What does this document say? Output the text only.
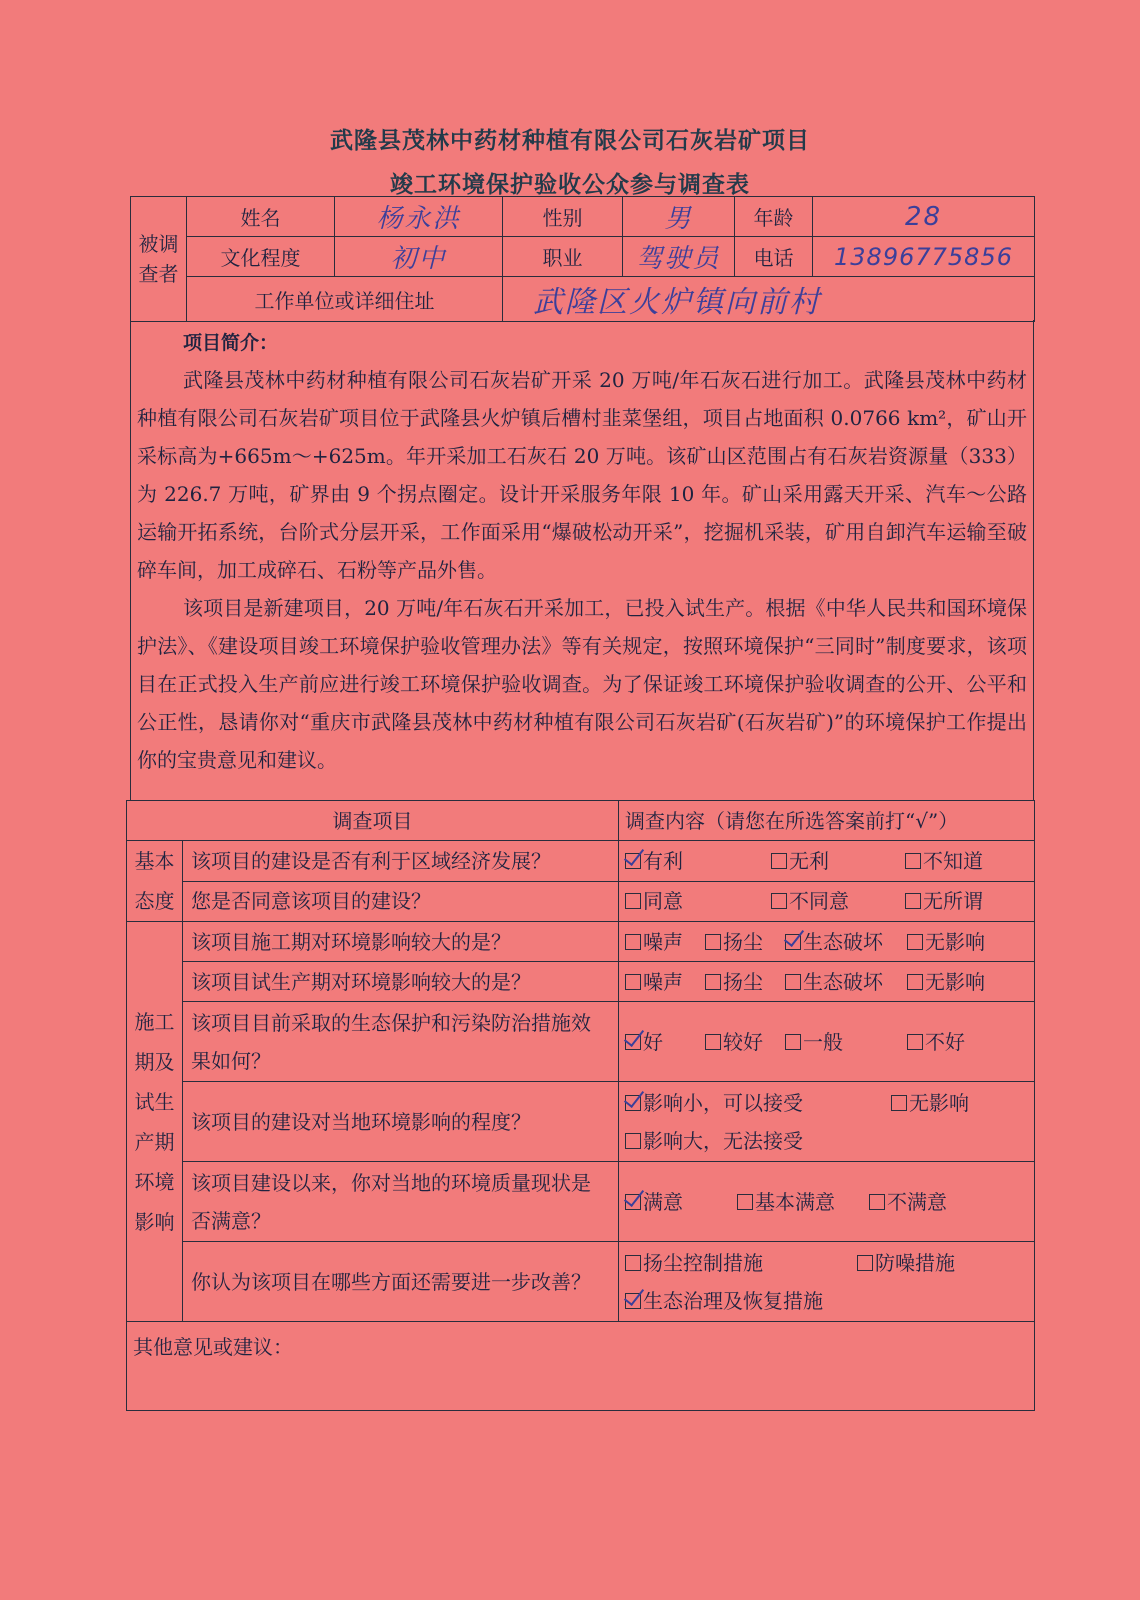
武隆县茂林中药材种植有限公司石灰岩矿项目
竣工环境保护验收公众参与调查表
被调查者	姓名	杨永洪	性别	男	年龄	28
	文化程度	初中	职业	驾驶员	电话	13896775856
	工作单位或详细住址		武隆区火炉镇向前村			
项目简介：

武隆县茂林中药材种植有限公司石灰岩矿开采 20 万吨/年石灰石进行加工。武隆县茂林中药材种植有限公司石灰岩矿项目位于武隆县火炉镇后槽村韭菜堡组，项目占地面积 0.0766 km²，矿山开采标高为+665m～+625m。年开采加工石灰石 20 万吨。该矿山区范围占有石灰岩资源量（333）为 226.7 万吨，矿界由 9 个拐点圈定。设计开采服务年限 10 年。矿山采用露天开采、汽车～公路运输开拓系统，台阶式分层开采，工作面采用“爆破松动开采”，挖掘机采装，矿用自卸汽车运输至破碎车间，加工成碎石、石粉等产品外售。

该项目是新建项目，20 万吨/年石灰石开采加工，已投入试生产。根据《中华人民共和国环境保护法》、《建设项目竣工环境保护验收管理办法》等有关规定，按照环境保护“三同时”制度要求，该项目在正式投入生产前应进行竣工环境保护验收调查。为了保证竣工环境保护验收调查的公开、公平和公正性，恳请你对“重庆市武隆县茂林中药材种植有限公司石灰岩矿(石灰岩矿)”的环境保护工作提出你的宝贵意见和建议。

调查项目		调查内容（请您在所选答案前打“√”）
基本态度	该项目的建设是否有利于区域经济发展？	有利 无利 不知道
	您是否同意该项目的建设？	同意 不同意 无所谓
施工期及试生产期环境影响	该项目施工期对环境影响较大的是？	噪声 扬尘 生态破坏 无影响
	该项目试生产期对环境影响较大的是？	噪声 扬尘 生态破坏 无影响
	该项目目前采取的生态保护和污染防治措施效果如何？	好 较好 一般 不好
	该项目的建设对当地环境影响的程度？	影响小，可以接受 无影响
影响大，无法接受
	该项目建设以来，你对当地的环境质量现状是否满意？	满意 基本满意 不满意
	你认为该项目在哪些方面还需要进一步改善？	扬尘控制措施 防噪措施
生态治理及恢复措施
其他意见或建议：		
